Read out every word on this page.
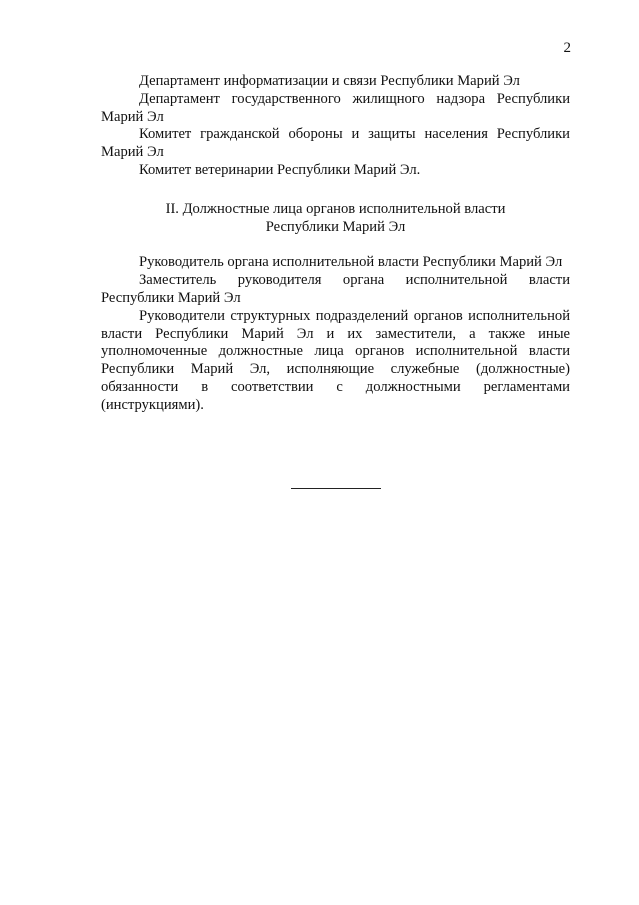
2

Департамент информатизации и связи Республики Марий Эл

Департамент государственного жилищного надзора Республики Марий Эл

Комитет гражданской обороны и защиты населения Республики Марий Эл

Комитет ветеринарии Республики Марий Эл.

II. Должностные лица органов исполнительной власти
Республики Марий Эл

Руководитель органа исполнительной власти Республики Марий Эл

Заместитель руководителя органа исполнительной власти Республики Марий Эл

Руководители структурных подразделений органов исполнительной власти Республики Марий Эл и их заместители, а также иные уполномоченные должностные лица органов исполнительной власти Республики Марий Эл, исполняющие служебные (должностные) обязанности в соответствии с должностными регламентами (инструкциями).
